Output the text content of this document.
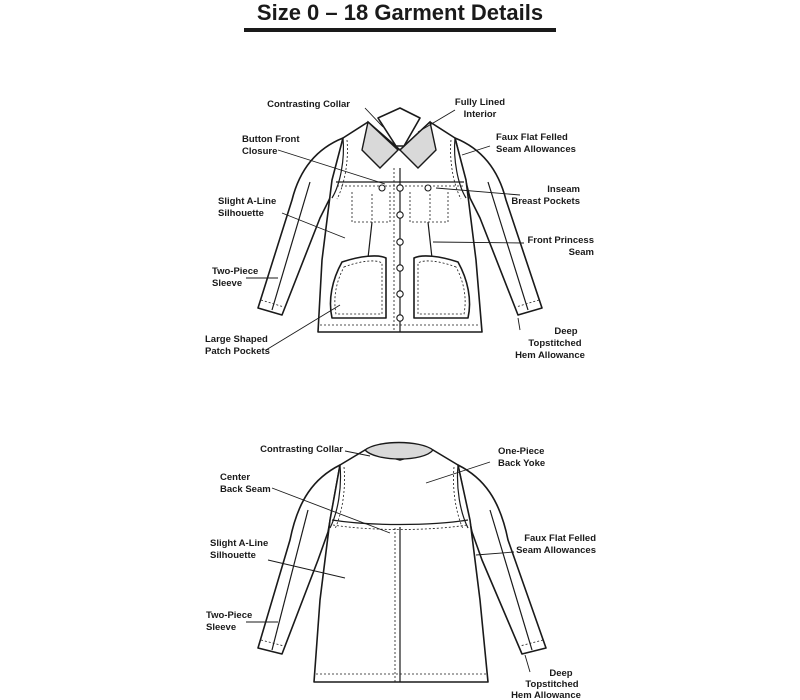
Size 0 – 18 Garment Details
Contrasting Collar	Fully Lined
Interior
Button Front
Closure
Faux Flat Felled
Seam Allowances
Slight A-Line
Silhouette
Inseam
Breast Pockets
Front Princess
Seam
Two-Piece
Sleeve
Large Shaped
Patch Pockets
Deep
Topstitched
Hem Allowance
Contrasting Collar	One-Piece
Back Yoke
Center
Back Seam
Slight A-Line
Silhouette
Faux Flat Felled
Seam Allowances
Two-Piece
Sleeve
Deep
Topstitched
Hem Allowance
